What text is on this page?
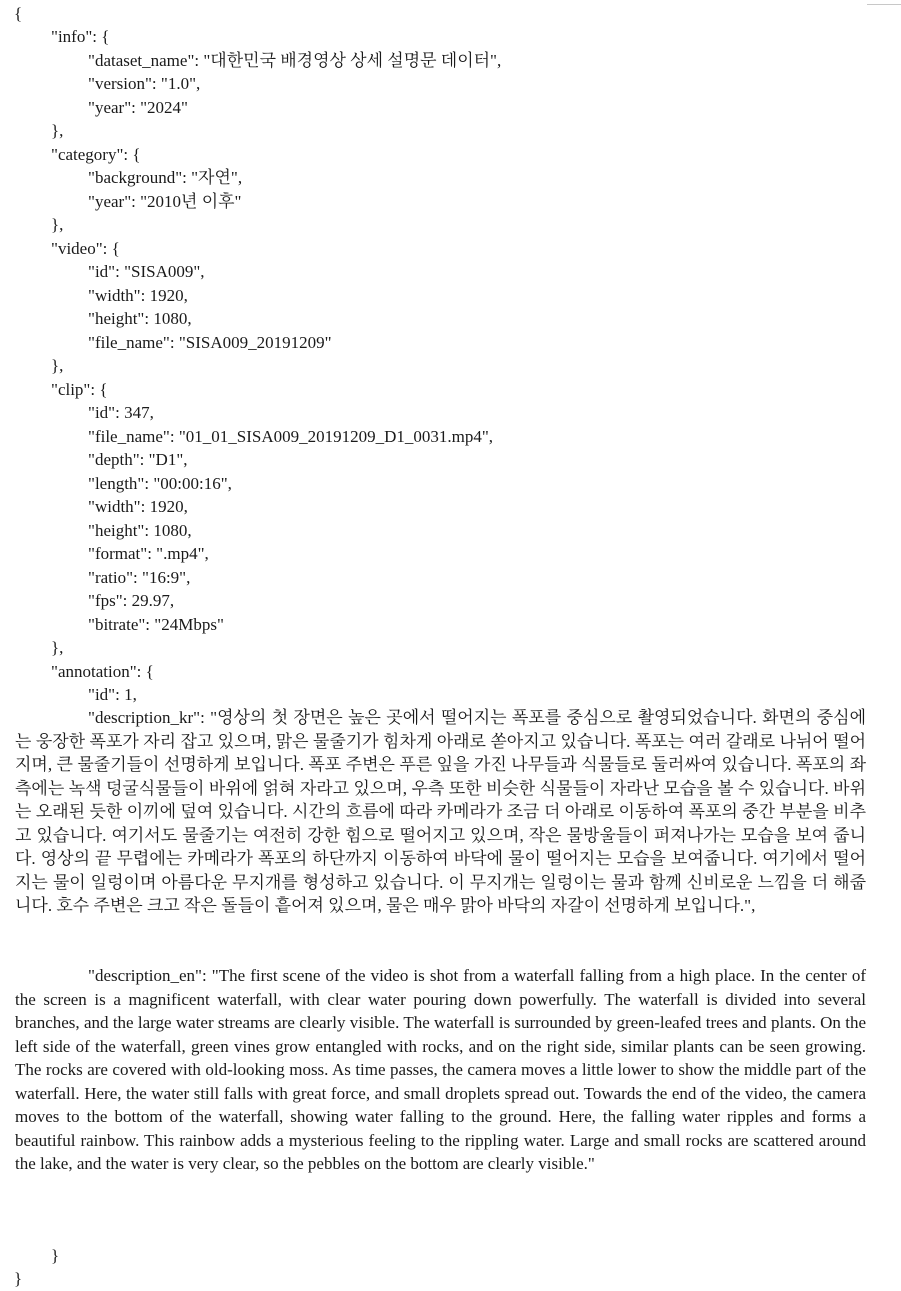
{
"info": {
"dataset_name": "대한민국 배경영상 상세 설명문 데이터",
"version": "1.0",
"year": "2024"
},
"category": {
"background": "자연",
"year": "2010년 이후"
},
"video": {
"id": "SISA009",
"width": 1920,
"height": 1080,
"file_name": "SISA009_20191209"
},
"clip": {
"id": 347,
"file_name": "01_01_SISA009_20191209_D1_0031.mp4",
"depth": "D1",
"length": "00:00:16",
"width": 1920,
"height": 1080,
"format": ".mp4",
"ratio": "16:9",
"fps": 29.97,
"bitrate": "24Mbps"
},
"annotation": {
"id": 1,

"description_kr": "영상의 첫 장면은 높은 곳에서 떨어지는 폭포를 중심으로 촬영되었습니다. 화면의 중심에는 웅장한 폭포가 자리 잡고 있으며, 맑은 물줄기가 힘차게 아래로 쏟아지고 있습니다. 폭포는 여러 갈래로 나뉘어 떨어지며, 큰 물줄기들이 선명하게 보입니다. 폭포 주변은 푸른 잎을 가진 나무들과 식물들로 둘러싸여 있습니다. 폭포의 좌측에는 녹색 덩굴식물들이 바위에 얽혀 자라고 있으며, 우측 또한 비슷한 식물들이 자라난 모습을 볼 수 있습니다. 바위는 오래된 듯한 이끼에 덮여 있습니다. 시간의 흐름에 따라 카메라가 조금 더 아래로 이동하여 폭포의 중간 부분을 비추고 있습니다. 여기서도 물줄기는 여전히 강한 힘으로 떨어지고 있으며, 작은 물방울들이 퍼져나가는 모습을 보여 줍니다. 영상의 끝 무렵에는 카메라가 폭포의 하단까지 이동하여 바닥에 물이 떨어지는 모습을 보여줍니다. 여기에서 떨어지는 물이 일렁이며 아름다운 무지개를 형성하고 있습니다. 이 무지개는 일렁이는 물과 함께 신비로운 느낌을 더 해줍니다. 호수 주변은 크고 작은 돌들이 흩어져 있으며, 물은 매우 맑아 바닥의 자갈이 선명하게 보입니다.",

"description_en": "The first scene of the video is shot from a waterfall falling from a high place. In the center of the screen is a magnificent waterfall, with clear water pouring down powerfully. The waterfall is divided into several branches, and the large water streams are clearly visible. The waterfall is surrounded by green-leafed trees and plants. On the left side of the waterfall, green vines grow entangled with rocks, and on the right side, similar plants can be seen growing. The rocks are covered with old-looking moss. As time passes, the camera moves a little lower to show the middle part of the waterfall. Here, the water still falls with great force, and small droplets spread out. Towards the end of the video, the camera moves to the bottom of the waterfall, showing water falling to the ground. Here, the falling water ripples and forms a beautiful rainbow. This rainbow adds a mysterious feeling to the rippling water. Large and small rocks are scattered around the lake, and the water is very clear, so the pebbles on the bottom are clearly visible."

}
}
